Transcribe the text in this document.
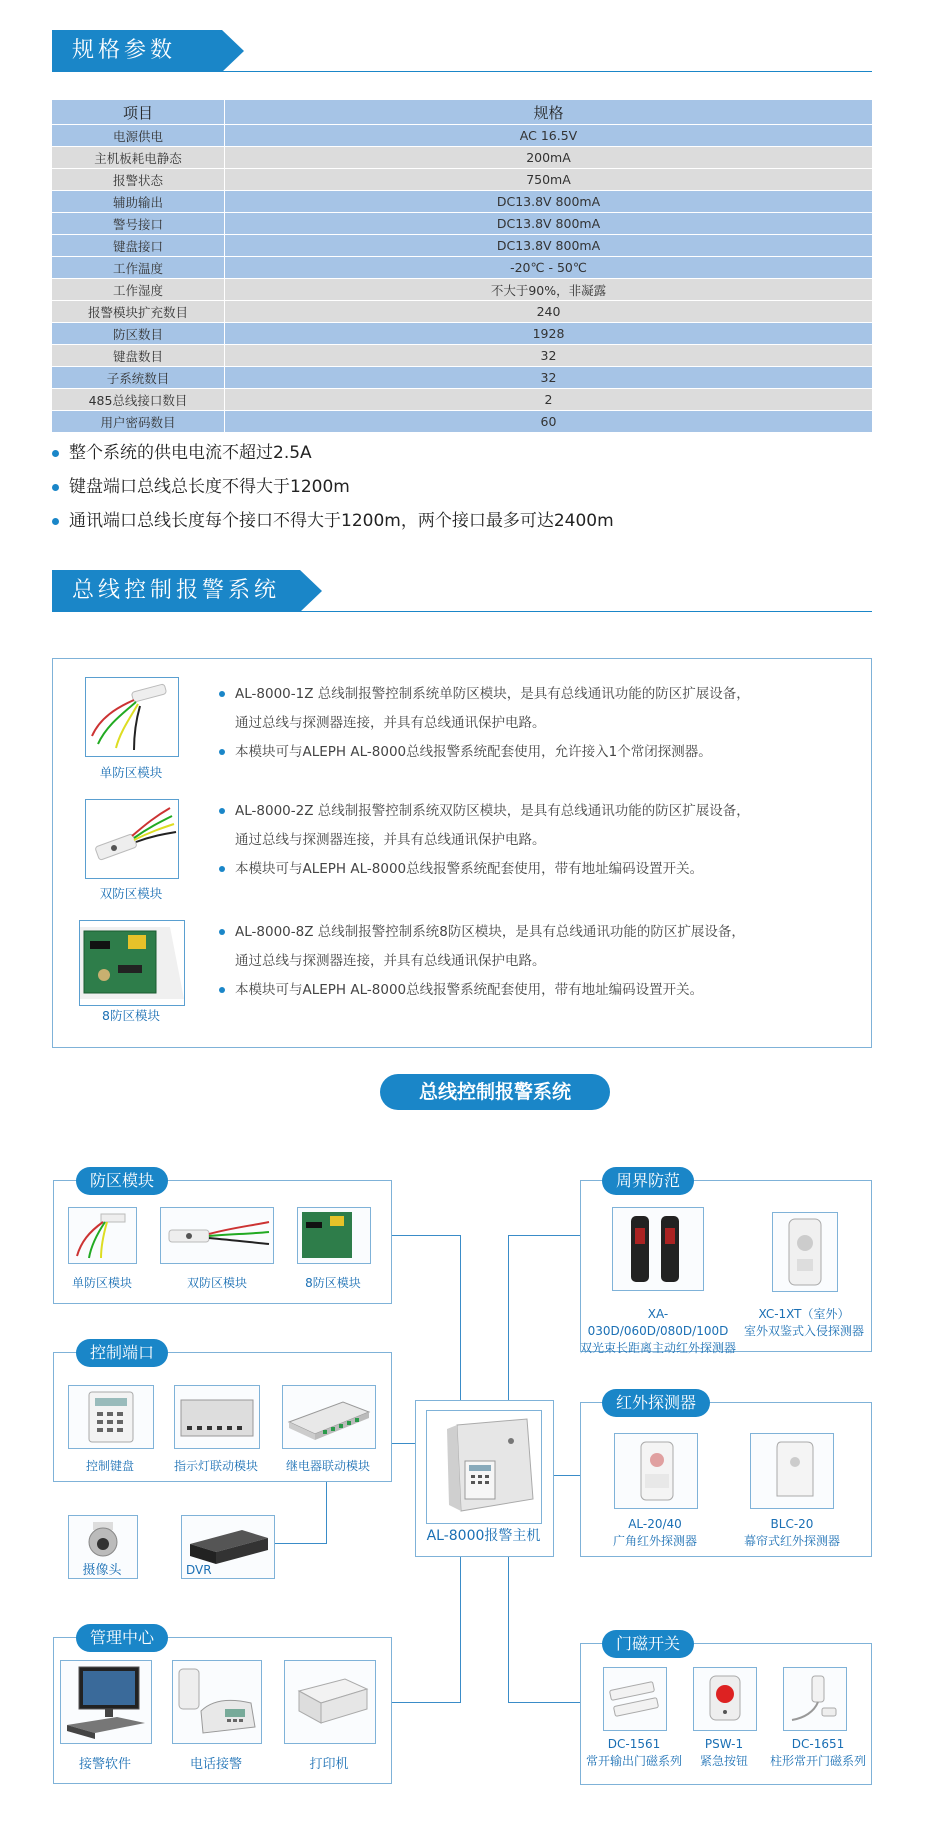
规格参数
项目	规格
电源供电	AC 16.5V
主机板耗电静态	200mA
报警状态	750mA
辅助输出	DC13.8V 800mA
警号接口	DC13.8V 800mA
键盘接口	DC13.8V 800mA
工作温度	-20℃ - 50℃
工作湿度	不大于90%，非凝露
报警模块扩充数目	240
防区数目	1928
键盘数目	32
子系统数目	32
485总线接口数目	2
用户密码数目	60
整个系统的供电电流不超过2.5A
键盘端口总线总长度不得大于1200m
通讯端口总线长度每个接口不得大于1200m，两个接口最多可达2400m
总线控制报警系统
单防区模块
AL-8000-1Z 总线制报警控制系统单防区模块，是具有总线通讯功能的防区扩展设备，
通过总线与探测器连接，并具有总线通讯保护电路。
本模块可与ALEPH AL-8000总线报警系统配套使用，允许接入1个常闭探测器。
双防区模块
AL-8000-2Z 总线制报警控制系统双防区模块，是具有总线通讯功能的防区扩展设备，
通过总线与探测器连接，并具有总线通讯保护电路。
本模块可与ALEPH AL-8000总线报警系统配套使用，带有地址编码设置开关。
8防区模块
AL-8000-8Z 总线制报警控制系统8防区模块，是具有总线通讯功能的防区扩展设备，
通过总线与探测器连接，并具有总线通讯保护电路。
本模块可与ALEPH AL-8000总线报警系统配套使用，带有地址编码设置开关。
总线控制报警系统
防区模块
单防区模块	双防区模块	8防区模块
控制端口
控制键盘	指示灯联动模块	继电器联动模块
摄像头	DVR
管理中心
接警软件	电话接警	打印机
AL-8000报警主机
周界防范
XA-030D/060D/080D/100D
双光束长距离主动红外探测器
XC-1XT（室外）
室外双鉴式入侵探测器
红外探测器
AL-20/40
广角红外探测器
BLC-20
幕帘式红外探测器
门磁开关
DC-1561
常开输出门磁系列
PSW-1
紧急按钮
DC-1651
柱形常开门磁系列
